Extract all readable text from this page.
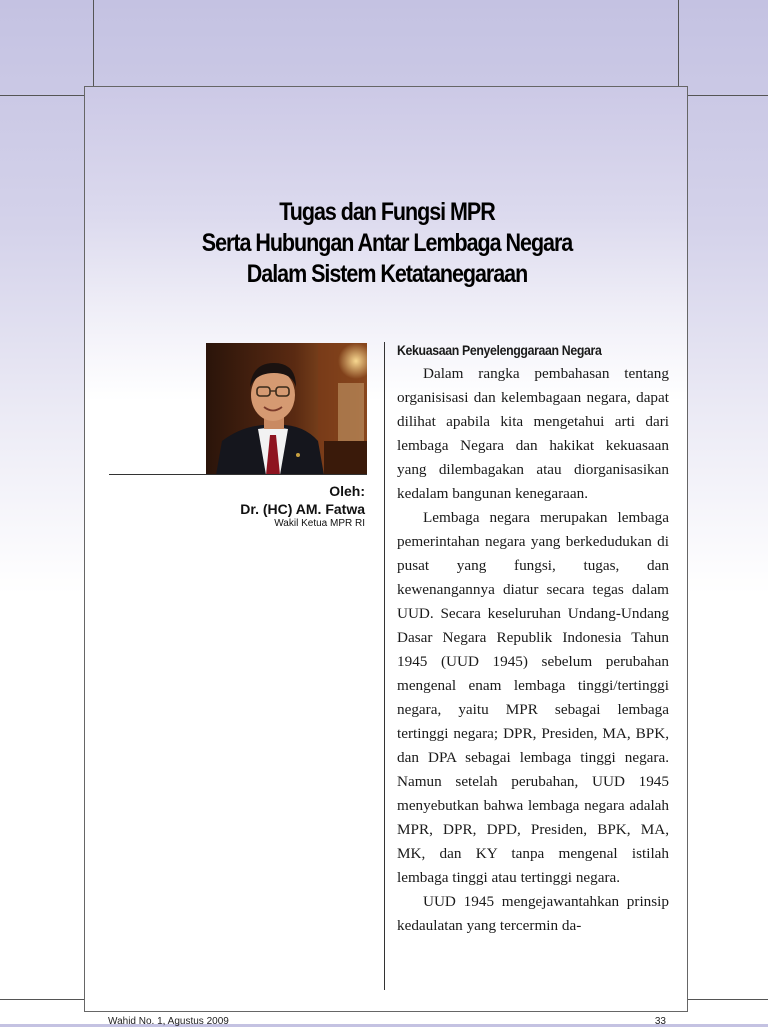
Tugas dan Fungsi MPR
Serta Hubungan Antar Lembaga Negara
Dalam Sistem Ketatanegaraan
Oleh:
Dr. (HC) AM. Fatwa
Wakil Ketua MPR RI
Kekuasaan Penyelenggaraan Negara

Dalam rangka pembahasan tentang organisisasi dan kelembagaan negara, dapat dilihat apabila kita mengetahui arti dari lembaga Negara dan hakikat kekuasaan yang dilembagakan atau diorganisasikan kedalam bangunan kenegaraan.

Lembaga negara merupakan lembaga pemerintahan negara yang berkedudukan di pusat yang fungsi, tugas, dan kewenangannya diatur secara tegas dalam UUD. Secara keseluruhan Undang-Undang Dasar Negara Republik Indonesia Tahun 1945 (UUD 1945) sebelum perubahan mengenal enam lembaga tinggi/tertinggi negara, yaitu MPR sebagai lembaga tertinggi negara; DPR, Presiden, MA, BPK, dan DPA sebagai lembaga tinggi negara. Namun setelah perubahan, UUD 1945 menyebutkan bahwa lembaga negara adalah MPR, DPR, DPD, Presiden, BPK, MA, MK, dan KY tanpa mengenal istilah lembaga tinggi atau tertinggi negara.

UUD 1945 mengejawantahkan prinsip kedaulatan yang tercermin da-

Wahid No. 1, Agustus 2009	33
